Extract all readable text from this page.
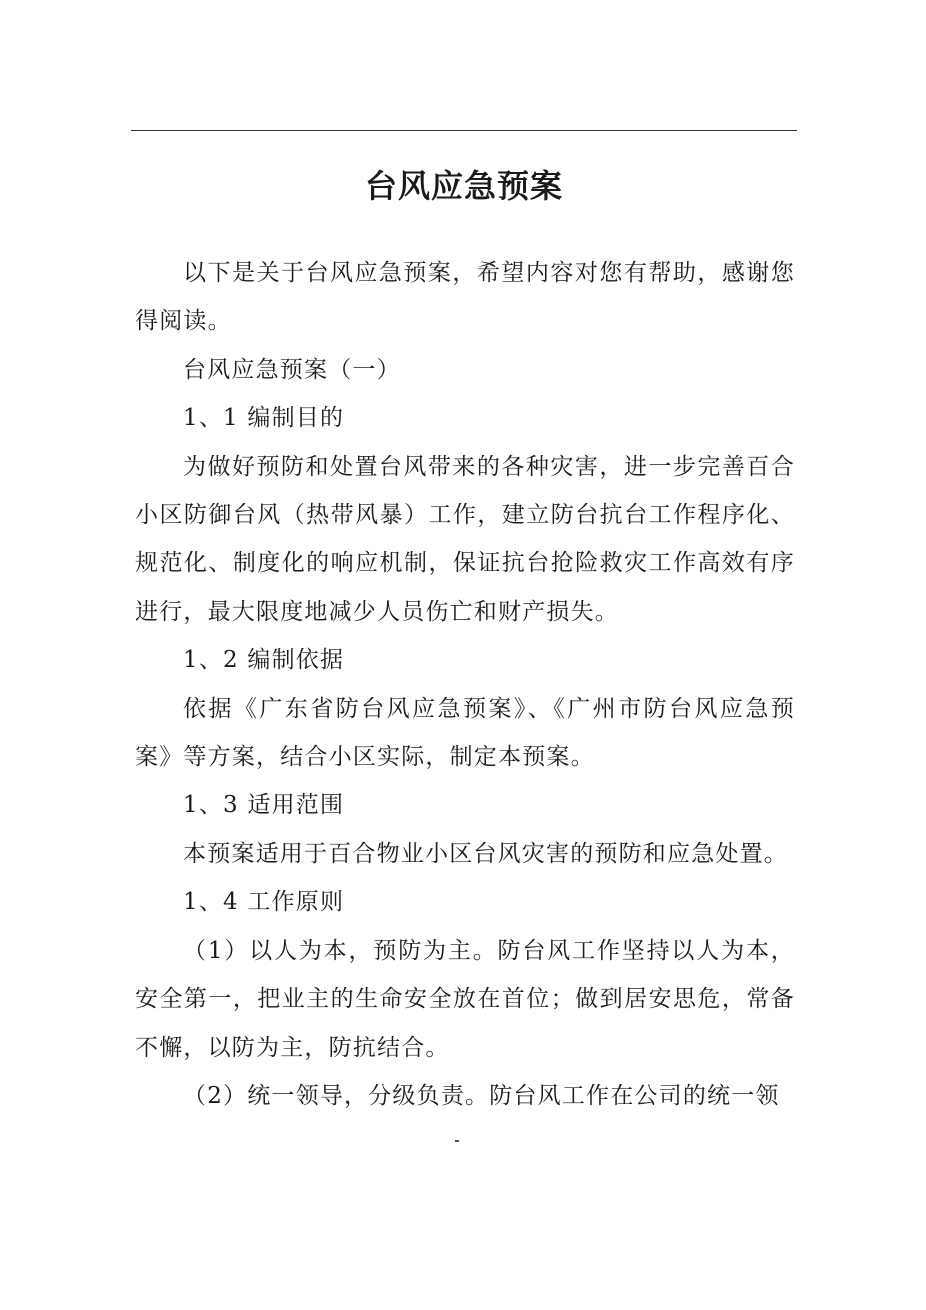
台风应急预案

以下是关于台风应急预案，希望内容对您有帮助，感谢您得阅读。

台风应急预案（一）

1、1 编制目的

为做好预防和处置台风带来的各种灾害，进一步完善百合小区防御台风（热带风暴）工作，建立防台抗台工作程序化、规范化、制度化的响应机制，保证抗台抢险救灾工作高效有序进行，最大限度地减少人员伤亡和财产损失。

1、2 编制依据

依据《广东省防台风应急预案》、《广州市防台风应急预案》等方案，结合小区实际，制定本预案。

1、3 适用范围

本预案适用于百合物业小区台风灾害的预防和应急处置。

1、4 工作原则

（1）以人为本，预防为主。防台风工作坚持以人为本，安全第一，把业主的生命安全放在首位；做到居安思危，常备不懈，以防为主，防抗结合。

（2）统一领导，分级负责。防台风工作在公司的统一领
